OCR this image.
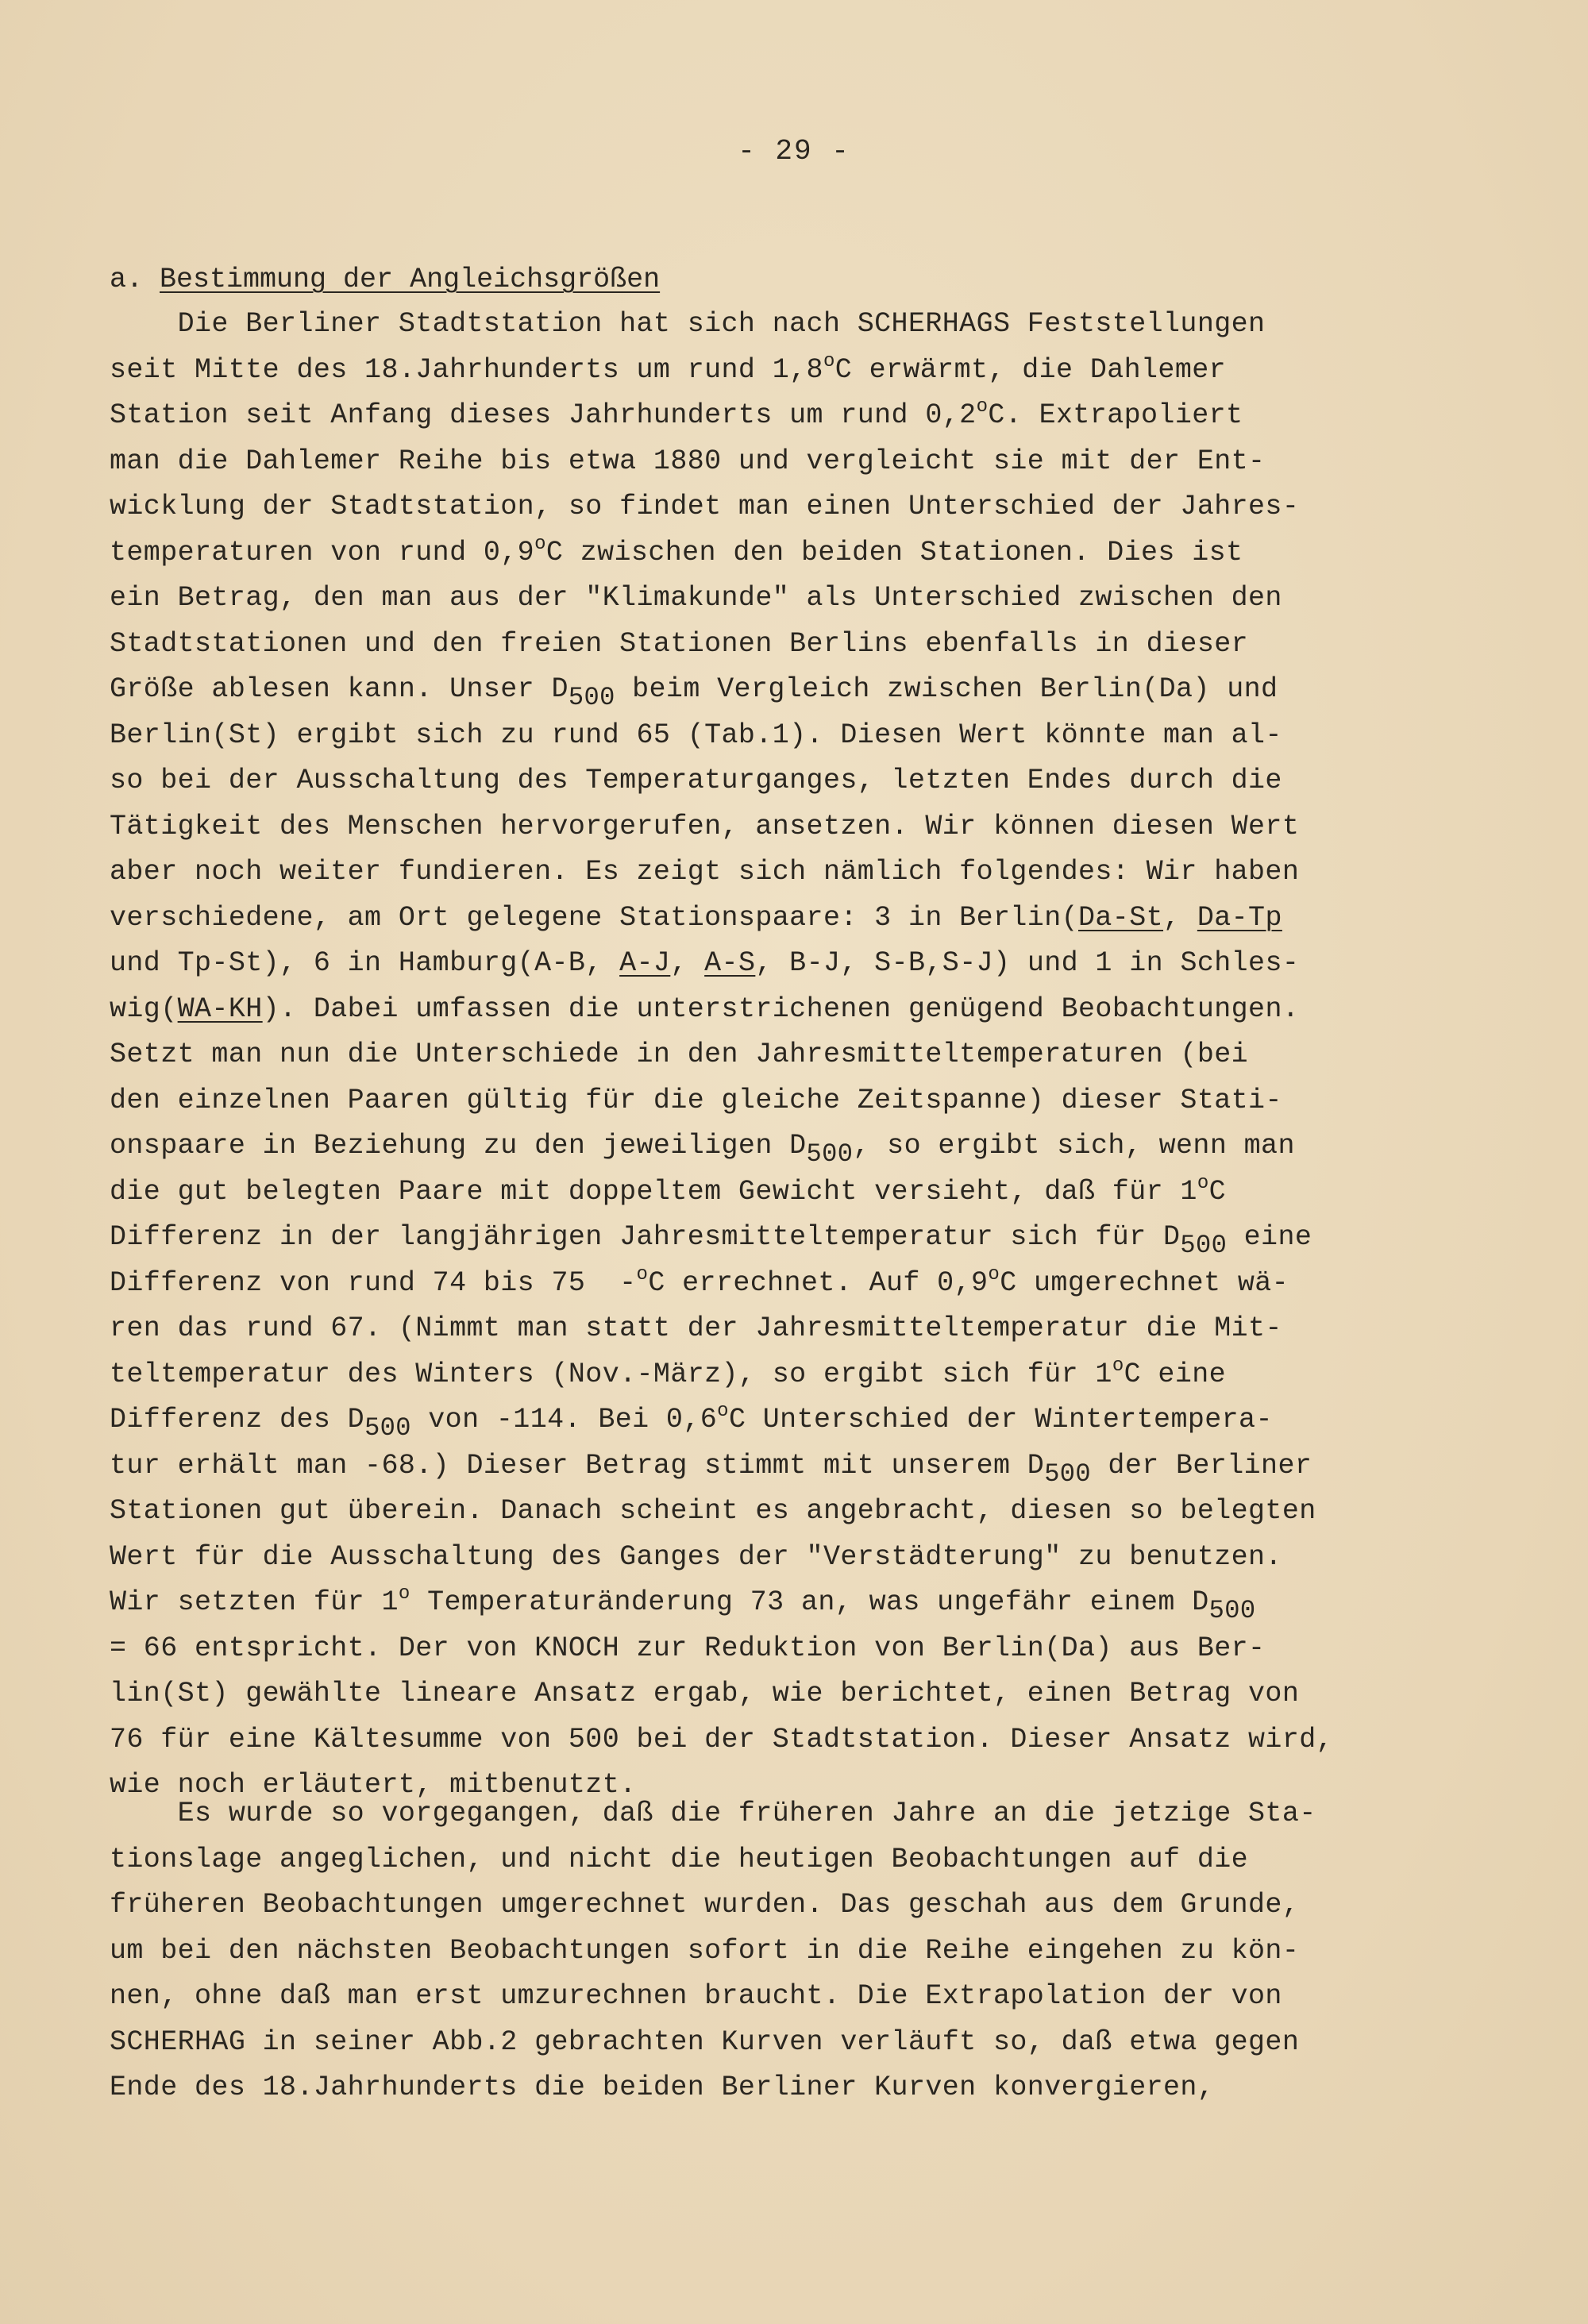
- 29 -
a. Bestimmung der Angleichsgrößen
Die Berliner Stadtstation hat sich nach SCHERHAGS Feststellungen
seit Mitte des 18.Jahrhunderts um rund 1,8$^o$C erwärmt, die Dahlemer
Station seit Anfang dieses Jahrhunderts um rund 0,2$^o$C. Extrapoliert
man die Dahlemer Reihe bis etwa 1880 und vergleicht sie mit der Ent-
wicklung der Stadtstation, so findet man einen Unterschied der Jahres-
temperaturen von rund 0,9$^o$C zwischen den beiden Stationen. Dies ist
ein Betrag, den man aus der "Klimakunde" als Unterschied zwischen den
Stadtstationen und den freien Stationen Berlins ebenfalls in dieser
Größe ablesen kann. Unser $D_{500}$ beim Vergleich zwischen Berlin(Da) und
Berlin(St) ergibt sich zu rund 65 (Tab.1). Diesen Wert könnte man al-
so bei der Ausschaltung des Temperaturganges, letzten Endes durch die
Tätigkeit des Menschen hervorgerufen, ansetzen. Wir können diesen Wert
aber noch weiter fundieren. Es zeigt sich nämlich folgendes: Wir haben
verschiedene, am Ort gelegene Stationspaare: 3 in Berlin(Da-St, Da-Tp
und Tp-St), 6 in Hamburg(A-B, A-J, A-S, B-J, S-B,S-J) und 1 in Schles-
wig(WA-KH). Dabei umfassen die unterstrichenen genügend Beobachtungen.
Setzt man nun die Unterschiede in den Jahresmitteltemperaturen (bei
den einzelnen Paaren gültig für die gleiche Zeitspanne) dieser Stati-
onspaare in Beziehung zu den jeweiligen $D_{500}$, so ergibt sich, wenn man
die gut belegten Paare mit doppeltem Gewicht versieht, daß für 1$^o$C
Differenz in der langjährigen Jahresmitteltemperatur sich für $D_{500}$ eine
Differenz von rund 74 bis 75  -$^o$C errechnet. Auf 0,9$^o$C umgerechnet wä-
ren das rund 67. (Nimmt man statt der Jahresmitteltemperatur die Mit-
teltemperatur des Winters (Nov.-März), so ergibt sich für 1$^o$C eine
Differenz des $D_{500}$ von -114. Bei 0,6$^o$C Unterschied der Wintertempera-
tur erhält man -68.) Dieser Betrag stimmt mit unserem $D_{500}$ der Berliner
Stationen gut überein. Danach scheint es angebracht, diesen so belegten
Wert für die Ausschaltung des Ganges der "Verstädterung" zu benutzen.
Wir setzten für 1$^o$ Temperaturänderung 73 an, was ungefähr einem $D_{500}$
= 66 entspricht. Der von KNOCH zur Reduktion von Berlin(Da) aus Ber-
lin(St) gewählte lineare Ansatz ergab, wie berichtet, einen Betrag von
76 für eine Kältesumme von 500 bei der Stadtstation. Dieser Ansatz wird,
wie noch erläutert, mitbenutzt.
Es wurde so vorgegangen, daß die früheren Jahre an die jetzige Sta-
tionslage angeglichen, und nicht die heutigen Beobachtungen auf die
früheren Beobachtungen umgerechnet wurden. Das geschah aus dem Grunde,
um bei den nächsten Beobachtungen sofort in die Reihe eingehen zu kön-
nen, ohne daß man erst umzurechnen braucht. Die Extrapolation der von
SCHERHAG in seiner Abb.2 gebrachten Kurven verläuft so, daß etwa gegen
Ende des 18.Jahrhunderts die beiden Berliner Kurven konvergieren,
